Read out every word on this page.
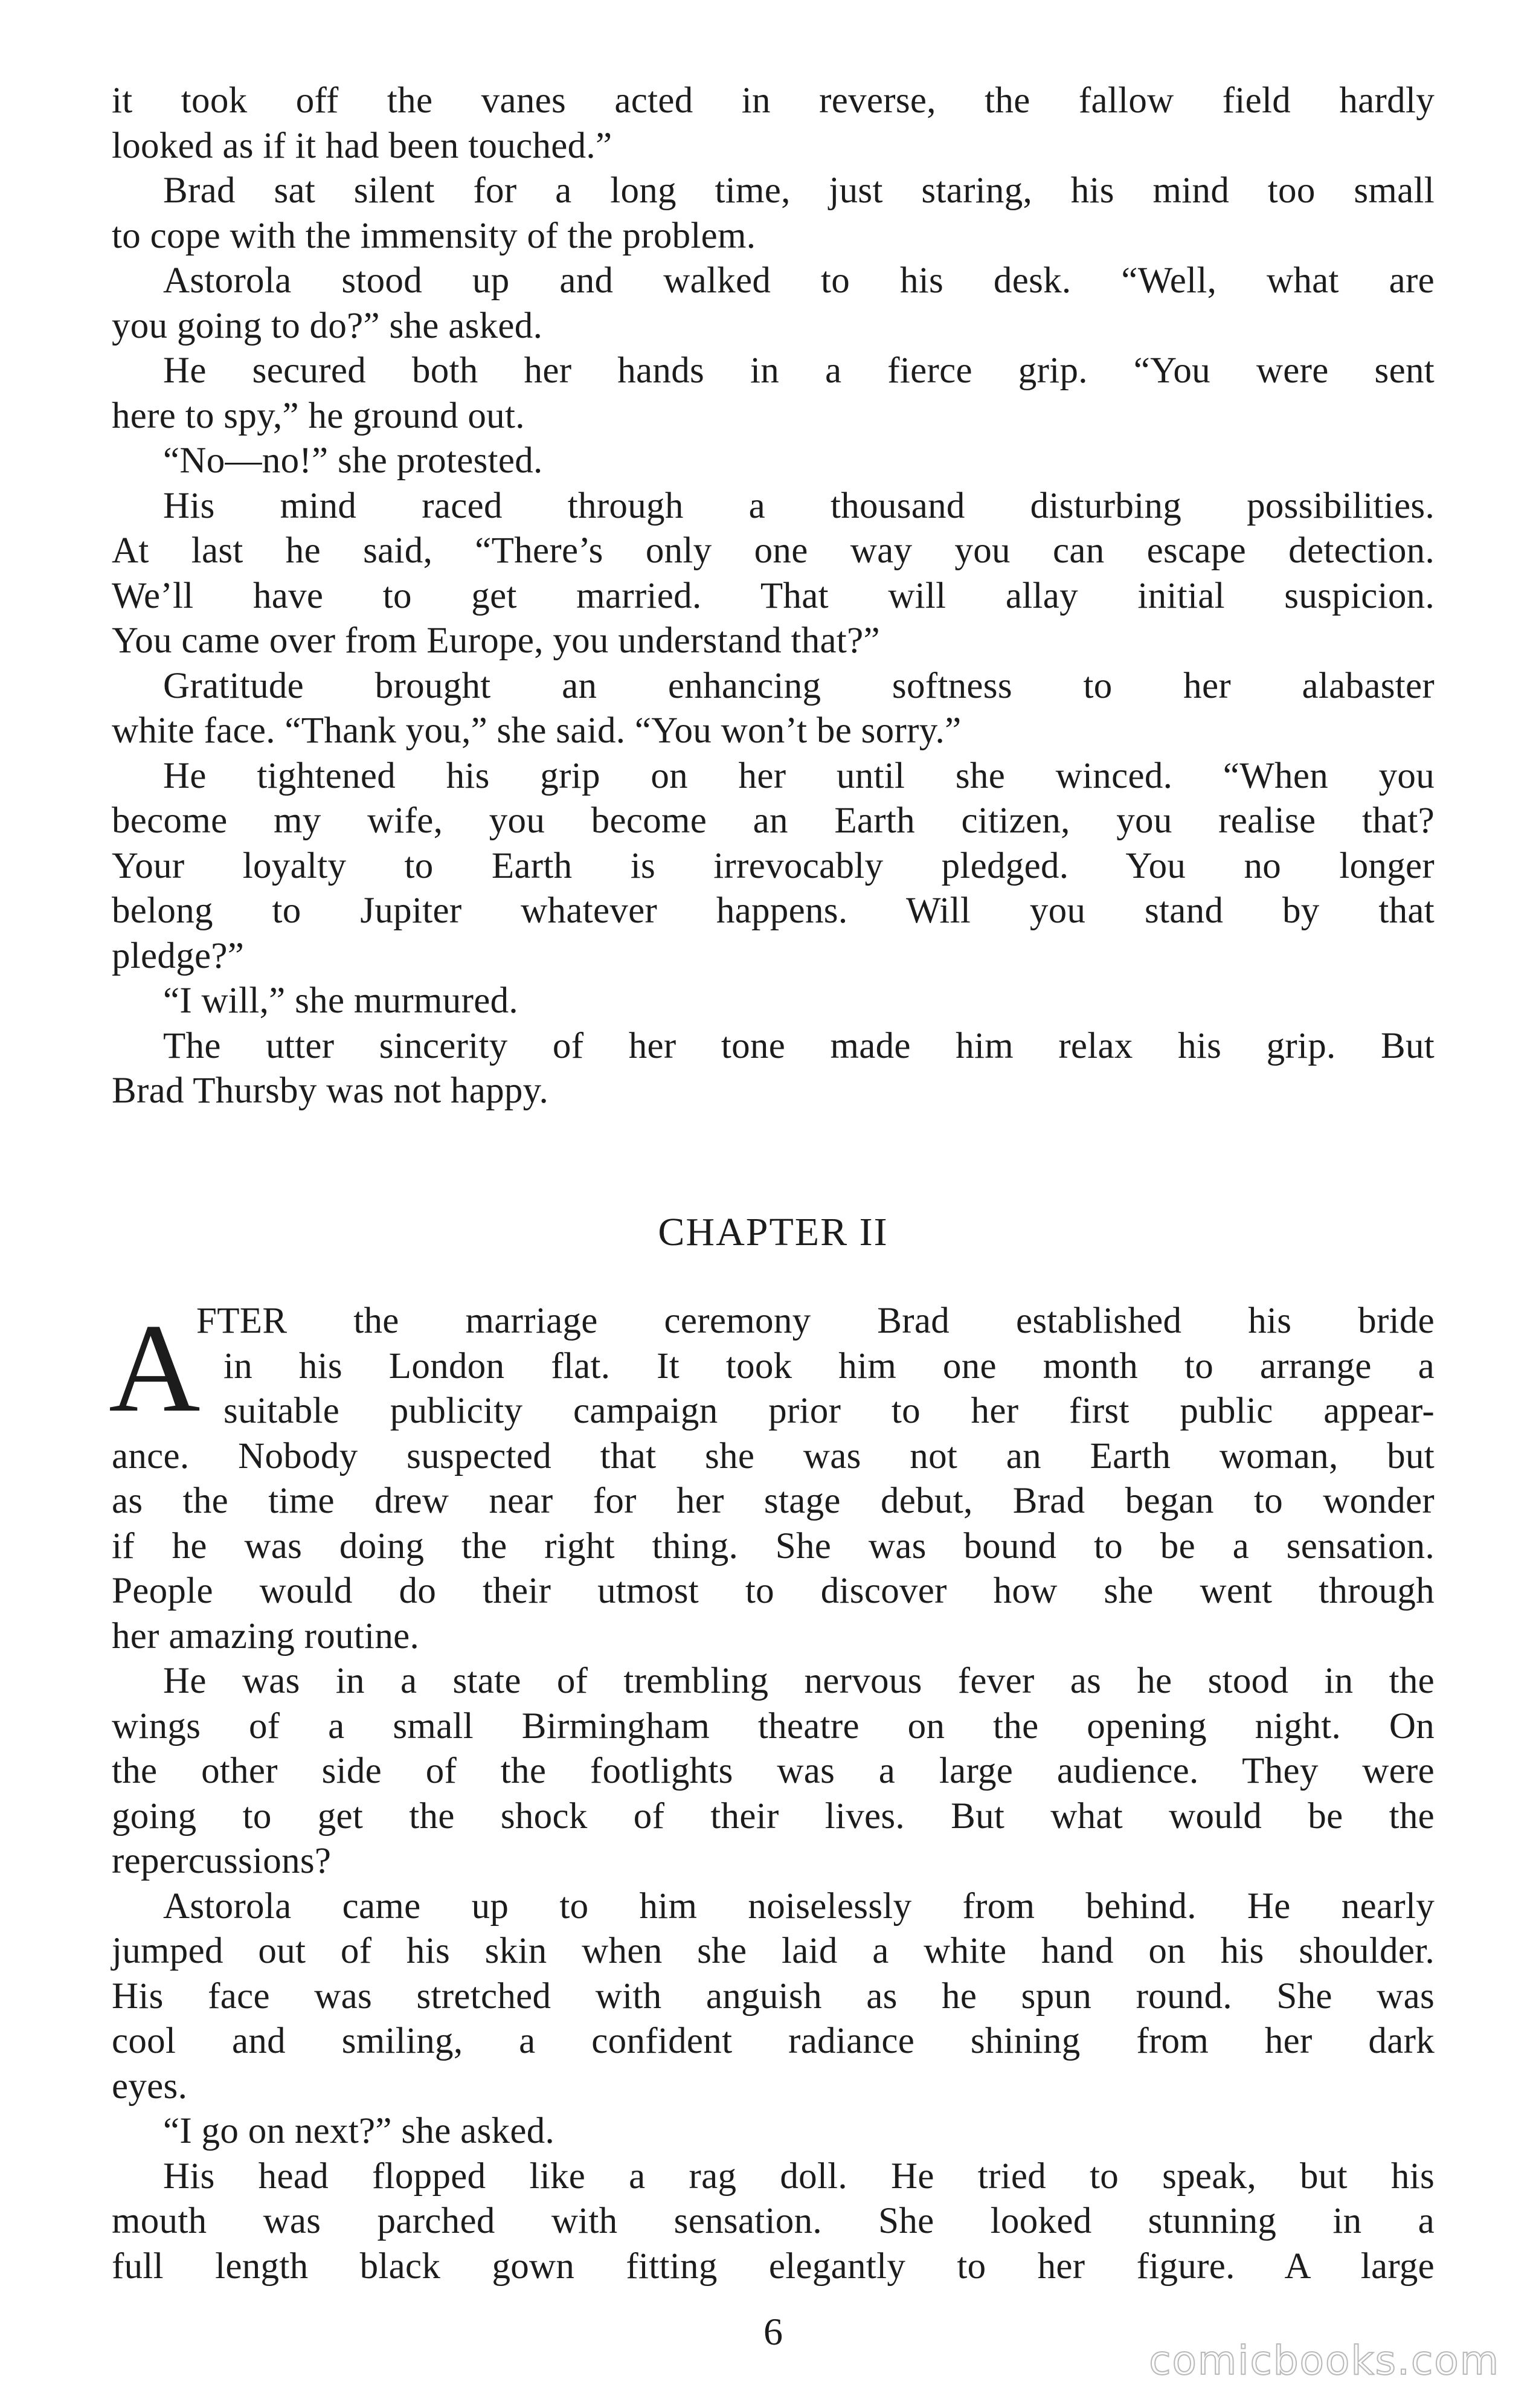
it took off the vanes acted in reverse, the fallow field hardly
looked as if it had been touched.”
Brad sat silent for a long time, just staring, his mind too small
to cope with the immensity of the problem.
Astorola stood up and walked to his desk. “Well, what are
you going to do?” she asked.
He secured both her hands in a fierce grip. “You were sent
here to spy,” he ground out.
“No—no!” she protested.
His mind raced through a thousand disturbing possibilities.
At last he said, “There’s only one way you can escape detection.
We’ll have to get married. That will allay initial suspicion.
You came over from Europe, you understand that?”
Gratitude brought an enhancing softness to her alabaster
white face. “Thank you,” she said. “You won’t be sorry.”
He tightened his grip on her until she winced. “When you
become my wife, you become an Earth citizen, you realise that?
Your loyalty to Earth is irrevocably pledged. You no longer
belong to Jupiter whatever happens. Will you stand by that
pledge?”
“I will,” she murmured.
The utter sincerity of her tone made him relax his grip. But
Brad Thursby was not happy.
CHAPTER II
A
FTER the marriage ceremony Brad established his bride
in his London flat. It took him one month to arrange a
suitable publicity campaign prior to her first public appear-
ance. Nobody suspected that she was not an Earth woman, but
as the time drew near for her stage debut, Brad began to wonder
if he was doing the right thing. She was bound to be a sensation.
People would do their utmost to discover how she went through
her amazing routine.
He was in a state of trembling nervous fever as he stood in the
wings of a small Birmingham theatre on the opening night. On
the other side of the footlights was a large audience. They were
going to get the shock of their lives. But what would be the
repercussions?
Astorola came up to him noiselessly from behind. He nearly
jumped out of his skin when she laid a white hand on his shoulder.
His face was stretched with anguish as he spun round. She was
cool and smiling, a confident radiance shining from her dark
eyes.
“I go on next?” she asked.
His head flopped like a rag doll. He tried to speak, but his
mouth was parched with sensation. She looked stunning in a
full length black gown fitting elegantly to her figure. A large
6
comicbooks.com
